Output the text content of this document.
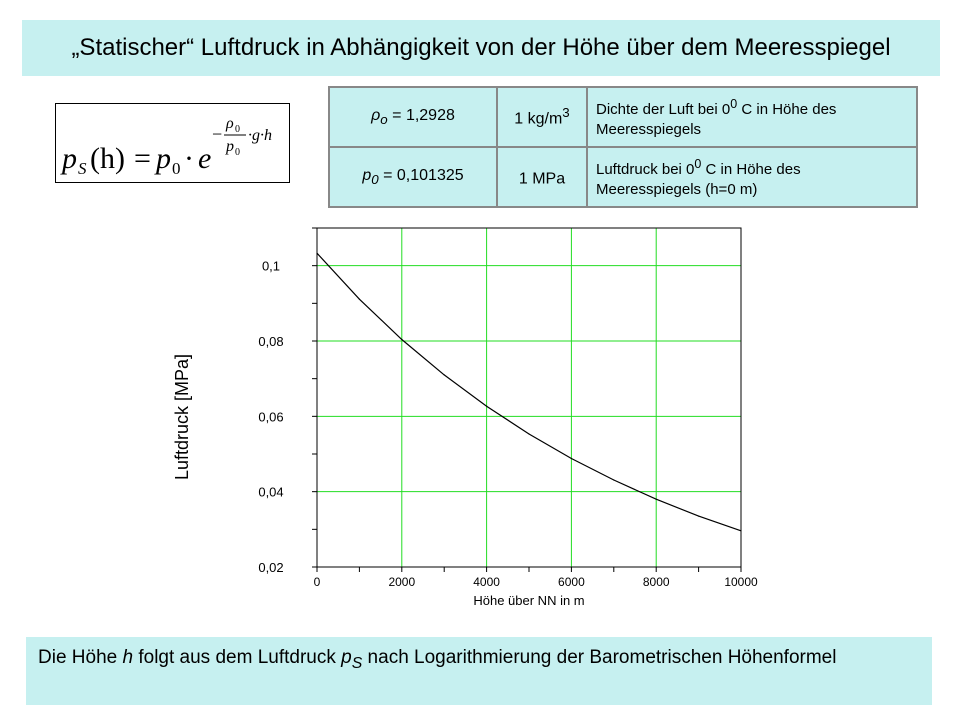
„Statischer“ Luftdruck in Abhängigkeit von der Höhe über dem Meeresspiegel
p S (h) = p 0 · e
−
ρ 0
p 0
·g·h
$\rho_o = 1,2928$	1 $kg/m^3$	Dichte der Luft bei $0^0$ C in Höhe des Meeresspiegels
$p_0 = 0,101325$	1 MPa	Luftdruck bei $0^0$ C in Höhe des Meeresspiegels (h=0 m)
0	2000	4000	6000	8000	10000
0,02
0,04
0,06
0,08
0,1
Höhe über NN in m
Luftdruck [MPa]
Die Höhe h folgt aus dem Luftdruck $p_S$ nach Logarithmierung der Barometrischen Höhenformel
